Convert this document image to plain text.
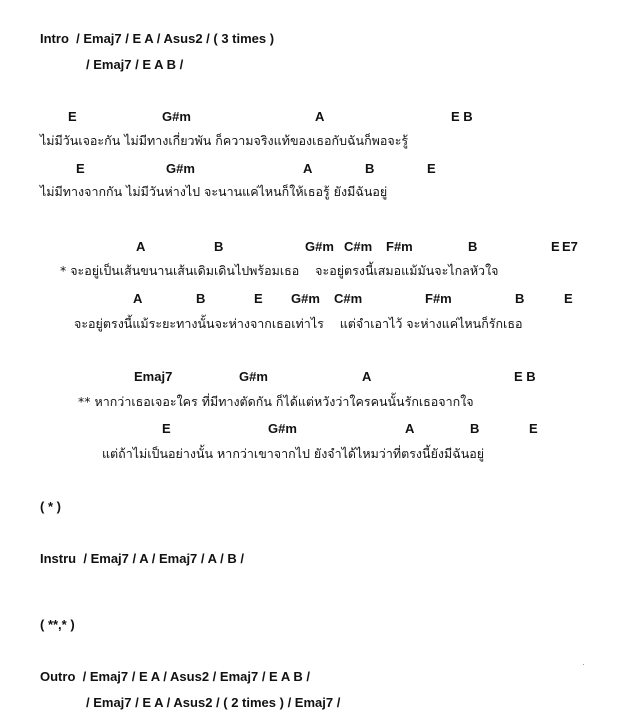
Intro / Emaj7 / E A / Asus2 / ( 3 times )
/ Emaj7 / E A B /
E	G#m	A	E B
ไม่มีวันเจอะกัน ไม่มีทางเกี่ยวพัน ก็ความจริงแท้ของเธอกับฉันก็พอจะรู้
E	G#m	A	B	E
ไม่มีทางจากกัน ไม่มีวันห่างไป จะนานแค่ไหนก็ให้เธอรู้ ยังมีฉันอยู่
A	B	G#m C#m F#m	B	E E7
* จะอยู่เป็นเส้นขนานเส้นเดิมเดินไปพร้อมเธอ    จะอยู่ตรงนี้เสมอแม้มันจะไกลหัวใจ
A	B	E G#m C#m	F#m	B	E
จะอยู่ตรงนี้แม้ระยะทางนั้นจะห่างจากเธอเท่าไร    แต่จำเอาไว้ จะห่างแค่ไหนก็รักเธอ
Emaj7	G#m	A	E B
** หากว่าเธอเจอะใคร ที่มีทางตัดกัน ก็ได้แต่หวังว่าใครคนนั้นรักเธอจากใจ
E	G#m	A	B	E
แต่ถ้าไม่เป็นอย่างนั้น หากว่าเขาจากไป ยังจำได้ไหมว่าที่ตรงนี้ยังมีฉันอยู่
( * )
Instru / Emaj7 / A / Emaj7 / A / B /
( **,* )
Outro / Emaj7 / E A / Asus2 / Emaj7 / E A B /
/ Emaj7 / E A / Asus2 / ( 2 times ) / Emaj7 /
